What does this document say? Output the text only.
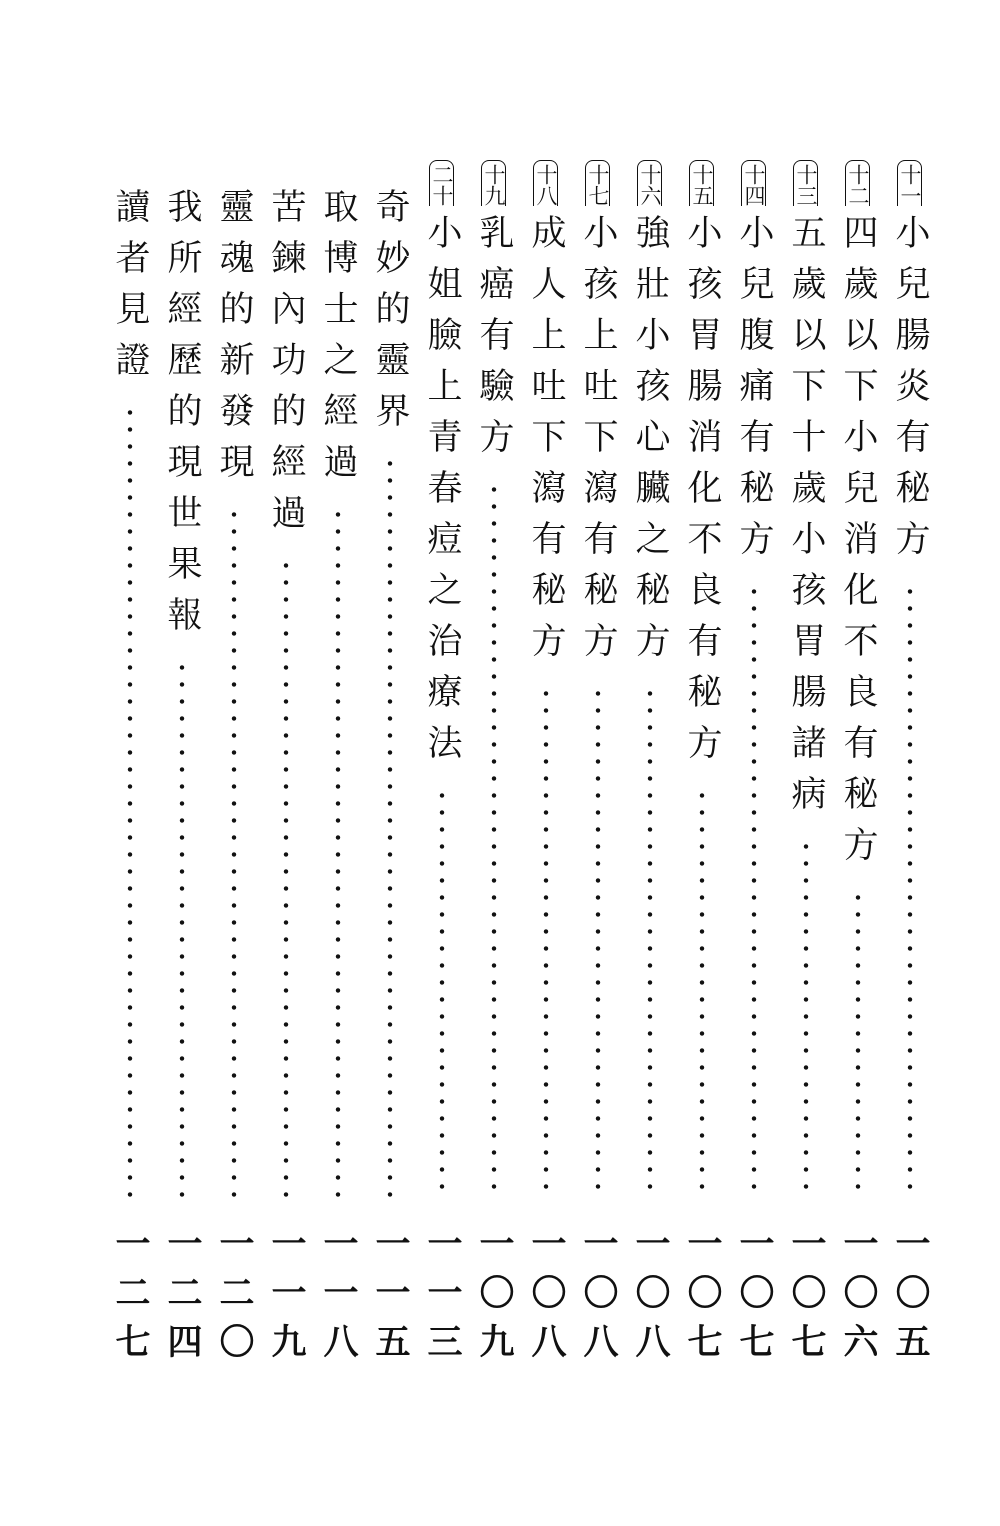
十一小兒腸炎有秘方
一〇五
十二四歲以下小兒消化不良有秘方
一〇六
十三五歲以下十歲小孩胃腸諸病
一〇七
十四小兒腹痛有秘方
一〇七
十五小孩胃腸消化不良有秘方
一〇七
十六強壯小孩心臟之秘方
一〇八
十七小孩上吐下瀉有秘方
一〇八
十八成人上吐下瀉有秘方
一〇八
十九乳癌有驗方
一〇九
二十小姐臉上青春痘之治療法
一一三
奇妙的靈界
一一五
取博士之經過
一一八
苦鍊內功的經過
一一九
靈魂的新發現
一二〇
我所經歷的現世果報
一二四
讀者見證
一二七
